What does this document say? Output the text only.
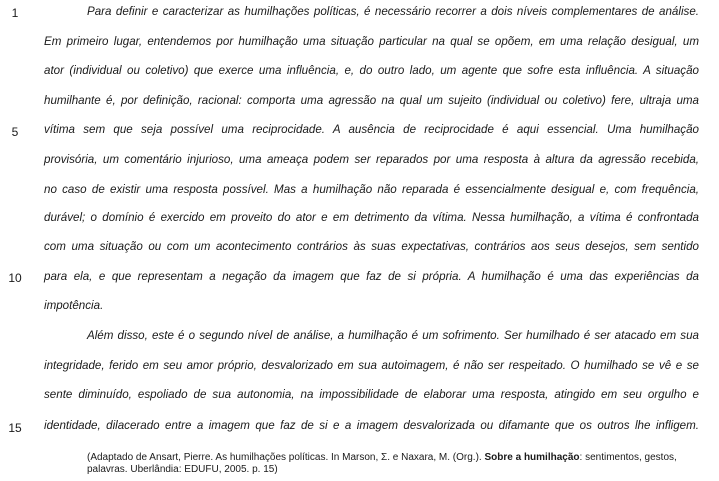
1
5
10
15
Para definir e caracterizar as humilhações políticas, é necessário recorrer a dois níveis complementares de análise.
Em primeiro lugar, entendemos por humilhação uma situação particular na qual se opõem, em uma relação desigual, um
ator (individual ou coletivo) que exerce uma influência, e, do outro lado, um agente que sofre esta influência. A situação
humilhante é, por definição, racional: comporta uma agressão na qual um sujeito (individual ou coletivo) fere, ultraja uma
vítima sem que seja possível uma reciprocidade. A ausência de reciprocidade é aqui essencial. Uma humilhação
provisória, um comentário injurioso, uma ameaça podem ser reparados por uma resposta à altura da agressão recebida,
no caso de existir uma resposta possível. Mas a humilhação não reparada é essencialmente desigual e, com frequência,
durável; o domínio é exercido em proveito do ator e em detrimento da vítima. Nessa humilhação, a vítima é confrontada
com uma situação ou com um acontecimento contrários às suas expectativas, contrários aos seus desejos, sem sentido
para ela, e que representam a negação da imagem que faz de si própria. A humilhação é uma das experiências da
impotência.
Além disso, este é o segundo nível de análise, a humilhação é um sofrimento. Ser humilhado é ser atacado em sua
integridade, ferido em seu amor próprio, desvalorizado em sua autoimagem, é não ser respeitado. O humilhado se vê e se
sente diminuído, espoliado de sua autonomia, na impossibilidade de elaborar uma resposta, atingido em seu orgulho e
identidade, dilacerado entre a imagem que faz de si e a imagem desvalorizada ou difamante que os outros lhe infligem.
(Adaptado de Ansart, Pierre. As humilhações políticas. In Marson, Σ. e Naxara, M. (Org.). Sobre a humilhação: sentimentos, gestos,
palavras. Uberlândia: EDUFU, 2005. p. 15)
